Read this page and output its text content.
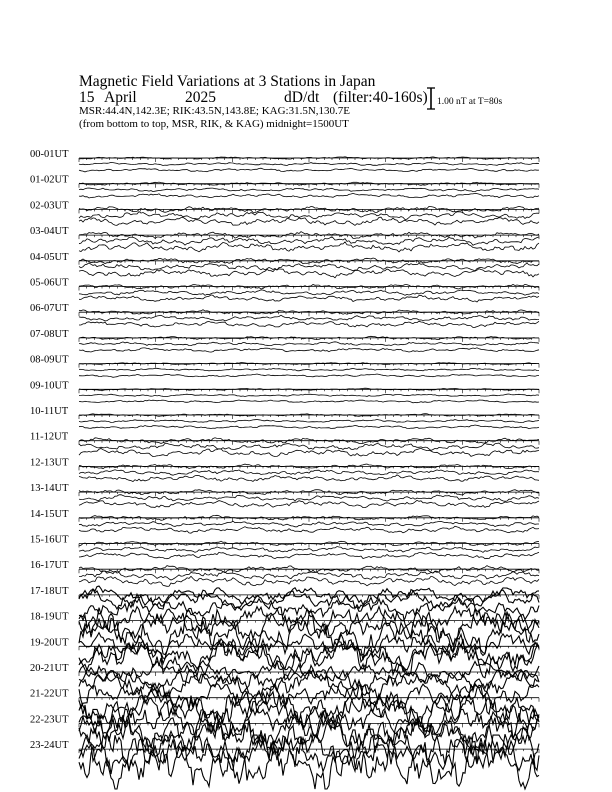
Magnetic Field Variations at 3 Stations in Japan
15 April	2025	dD/dt (filter:40-160s)
MSR:44.4N,142.3E; RIK:43.5N,143.8E; KAG:31.5N,130.7E
(from bottom to top, MSR, RIK, & KAG) midnight=1500UT
1.00 nT at T=80s
00-01UT
01-02UT
02-03UT
03-04UT
04-05UT
05-06UT
06-07UT
07-08UT
08-09UT
09-10UT
10-11UT
11-12UT
12-13UT
13-14UT
14-15UT
15-16UT
16-17UT
17-18UT
18-19UT
19-20UT
20-21UT
21-22UT
22-23UT
23-24UT
